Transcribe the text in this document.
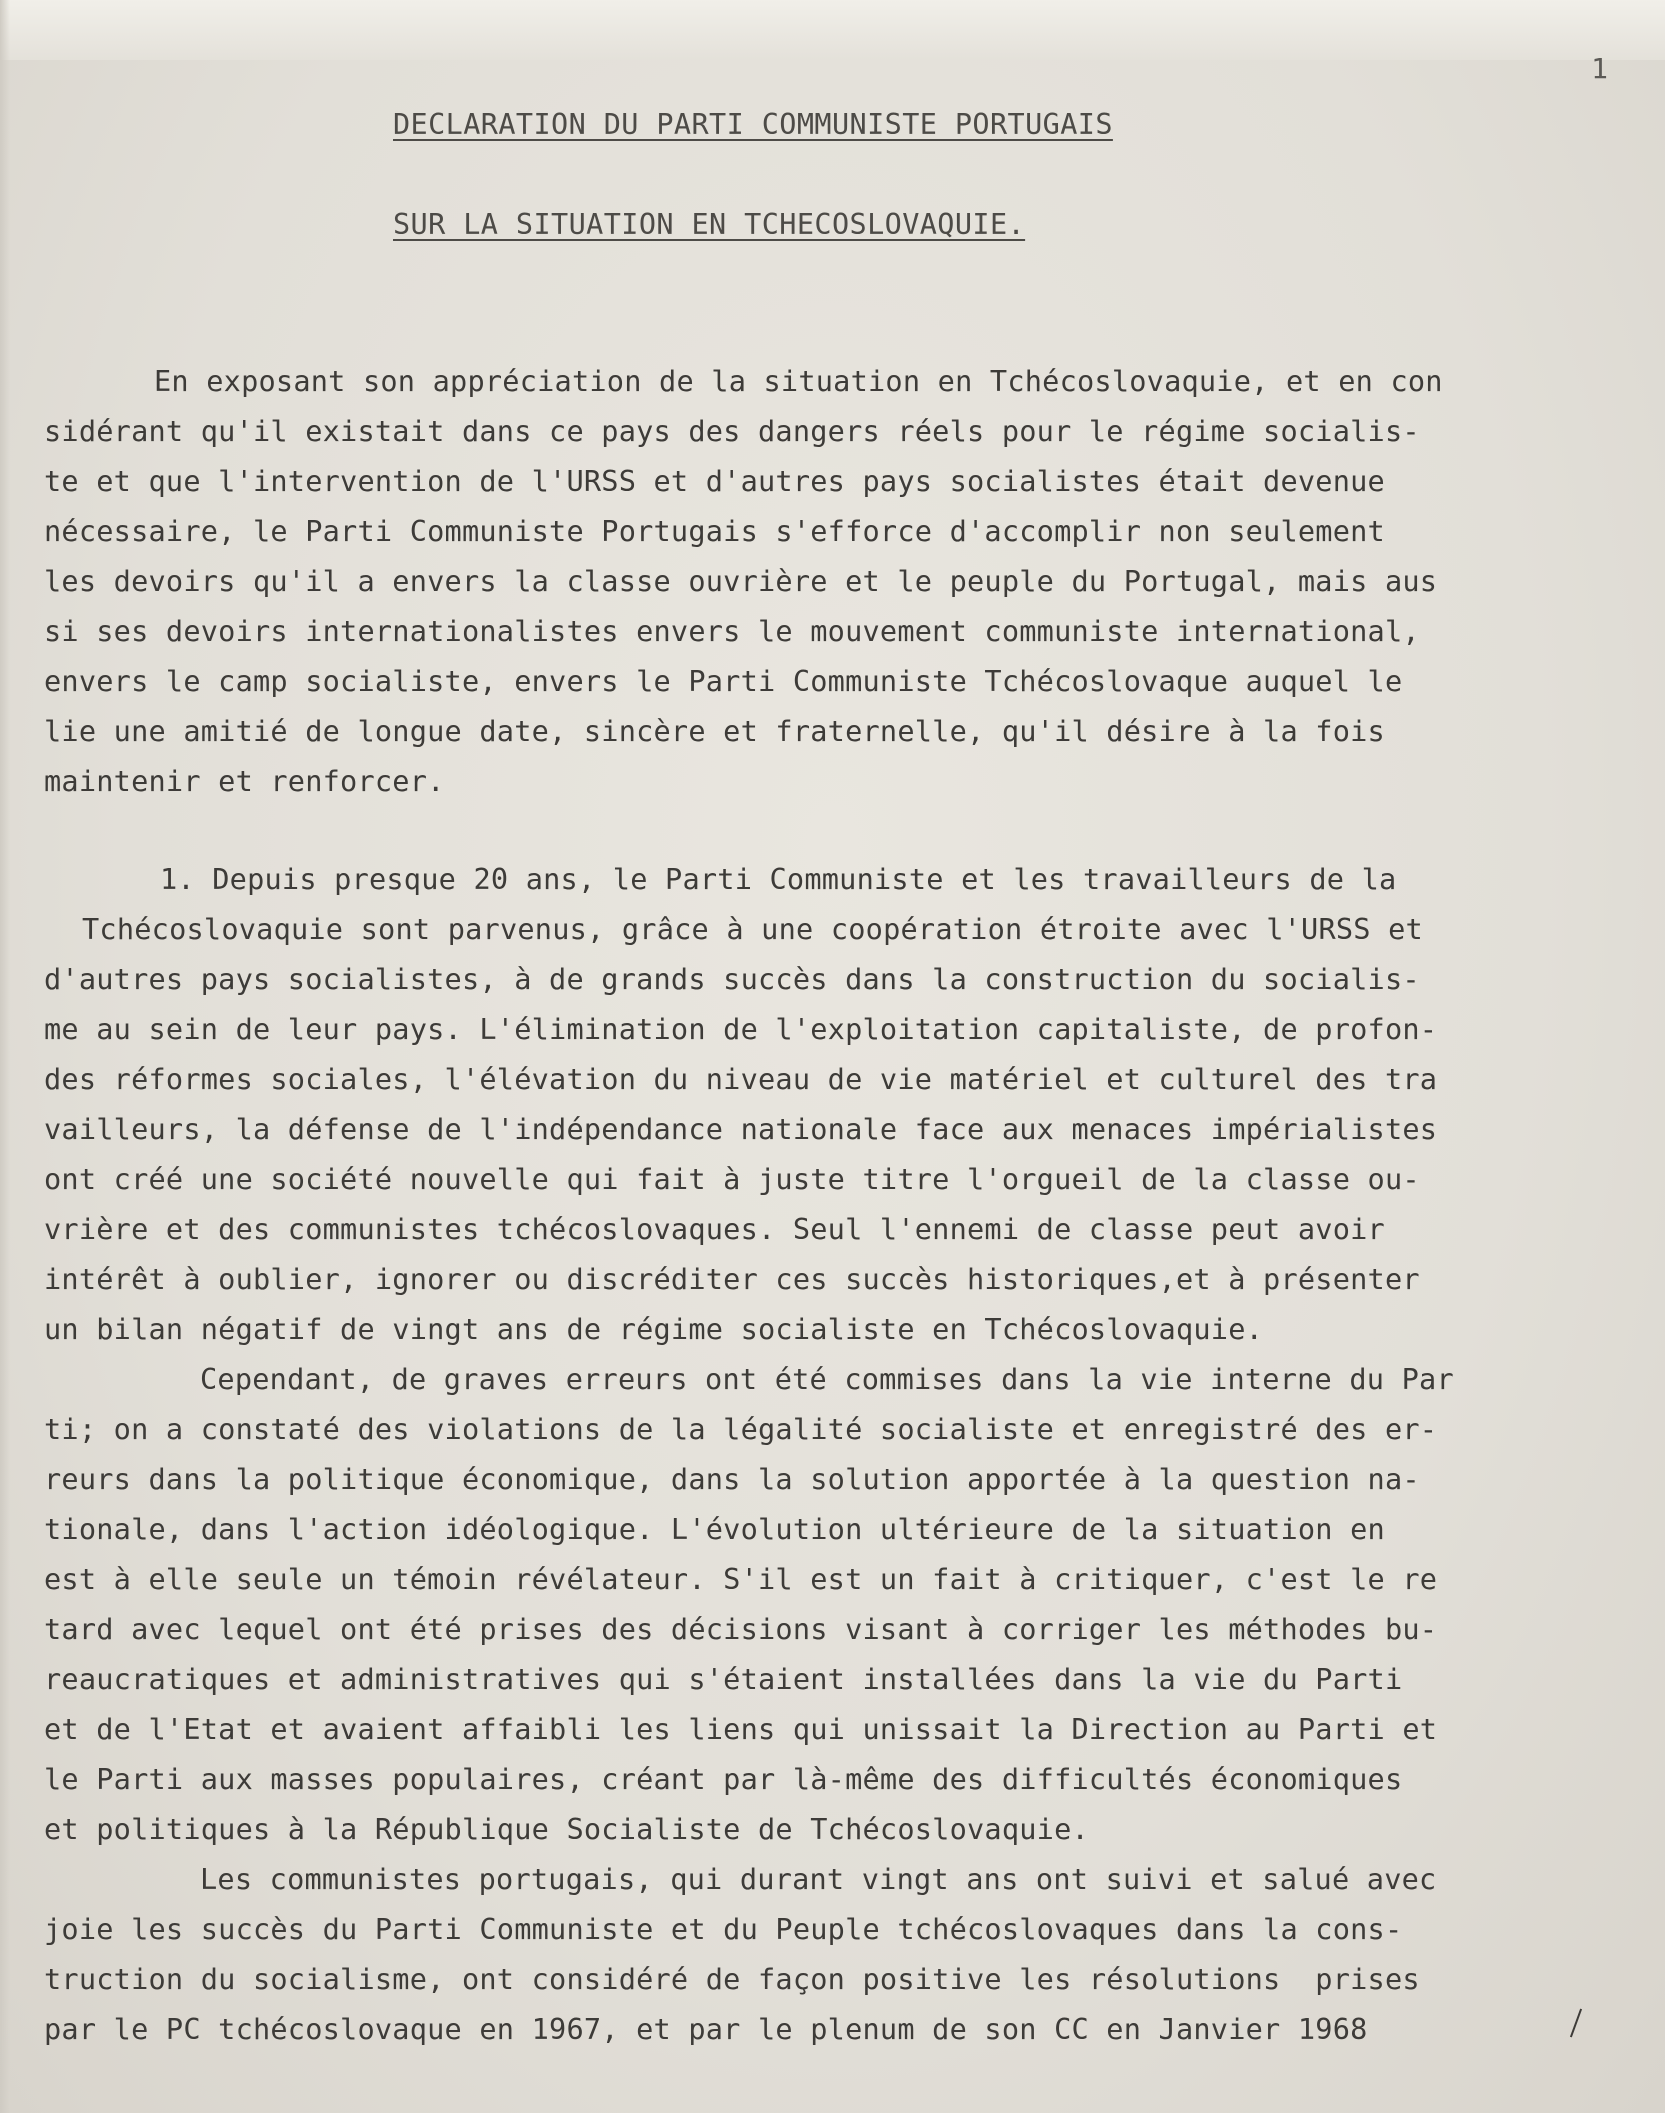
1
DECLARATION DU PARTI COMMUNISTE PORTUGAIS
SUR LA SITUATION EN TCHECOSLOVAQUIE.
En exposant son appréciation de la situation en Tchécoslovaquie, et en con
sidérant qu'il existait dans ce pays des dangers réels pour le régime socialis-
te et que l'intervention de l'URSS et d'autres pays socialistes était devenue
nécessaire, le Parti Communiste Portugais s'efforce d'accomplir non seulement
les devoirs qu'il a envers la classe ouvrière et le peuple du Portugal, mais aus
si ses devoirs internationalistes envers le mouvement communiste international,
envers le camp socialiste, envers le Parti Communiste Tchécoslovaque auquel le
lie une amitié de longue date, sincère et fraternelle, qu'il désire à la fois
maintenir et renforcer.
1. Depuis presque 20 ans, le Parti Communiste et les travailleurs de la
Tchécoslovaquie sont parvenus, grâce à une coopération étroite avec l'URSS et
d'autres pays socialistes, à de grands succès dans la construction du socialis-
me au sein de leur pays. L'élimination de l'exploitation capitaliste, de profon-
des réformes sociales, l'élévation du niveau de vie matériel et culturel des tra
vailleurs, la défense de l'indépendance nationale face aux menaces impérialistes
ont créé une société nouvelle qui fait à juste titre l'orgueil de la classe ou-
vrière et des communistes tchécoslovaques. Seul l'ennemi de classe peut avoir
intérêt à oublier, ignorer ou discréditer ces succès historiques,et à présenter
un bilan négatif de vingt ans de régime socialiste en Tchécoslovaquie.
Cependant, de graves erreurs ont été commises dans la vie interne du Par
ti; on a constaté des violations de la légalité socialiste et enregistré des er-
reurs dans la politique économique, dans la solution apportée à la question na-
tionale, dans l'action idéologique. L'évolution ultérieure de la situation en
est à elle seule un témoin révélateur. S'il est un fait à critiquer, c'est le re
tard avec lequel ont été prises des décisions visant à corriger les méthodes bu-
reaucratiques et administratives qui s'étaient installées dans la vie du Parti
et de l'Etat et avaient affaibli les liens qui unissait la Direction au Parti et
le Parti aux masses populaires, créant par là-même des difficultés économiques
et politiques à la République Socialiste de Tchécoslovaquie.
Les communistes portugais, qui durant vingt ans ont suivi et salué avec
joie les succès du Parti Communiste et du Peuple tchécoslovaques dans la cons-
truction du socialisme, ont considéré de façon positive les résolutions  prises
par le PC tchécoslovaque en 1967, et par le plenum de son CC en Janvier 1968
